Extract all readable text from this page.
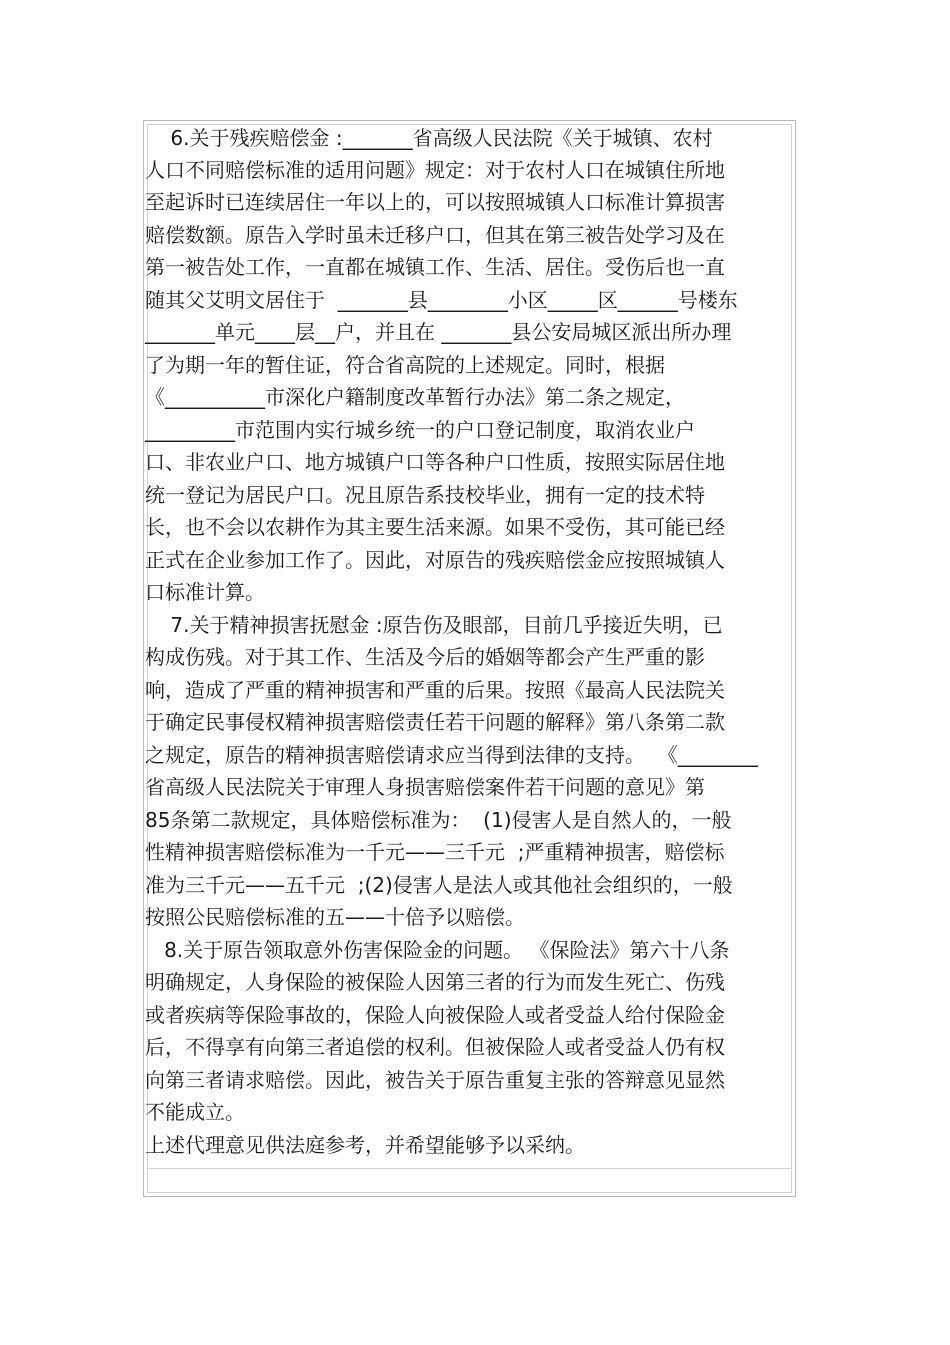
6.关于残疾赔偿金 :_______省高级人民法院《关于城镇、农村
人口不同赔偿标准的适用问题》规定：对于农村人口在城镇住所地
至起诉时已连续居住一年以上的，可以按照城镇人口标准计算损害
赔偿数额。原告入学时虽未迁移户口，但其在第三被告处学习及在
第一被告处工作，一直都在城镇工作、生活、居住。受伤后也一直
随其父艾明文居住于  _______县________小区_____区______号楼东
_______单元____层__户，并且在 _______县公安局城区派出所办理
了为期一年的暂住证，符合省高院的上述规定。同时，根据
《__________市深化户籍制度改革暂行办法》第二条之规定，
_________市范围内实行城乡统一的户口登记制度，取消农业户
口、非农业户口、地方城镇户口等各种户口性质，按照实际居住地
统一登记为居民户口。况且原告系技校毕业，拥有一定的技术特
长，也不会以农耕作为其主要生活来源。如果不受伤，其可能已经
正式在企业参加工作了。因此，对原告的残疾赔偿金应按照城镇人
口标准计算。
7.关于精神损害抚慰金 :原告伤及眼部，目前几乎接近失明，已
构成伤残。对于其工作、生活及今后的婚姻等都会产生严重的影
响，造成了严重的精神损害和严重的后果。按照《最高人民法院关
于确定民事侵权精神损害赔偿责任若干问题的解释》第八条第二款
之规定，原告的精神损害赔偿请求应当得到法律的支持。  《________
省高级人民法院关于审理人身损害赔偿案件若干问题的意见》第
85条第二款规定，具体赔偿标准为：  (1)侵害人是自然人的，一般
性精神损害赔偿标准为一千元——三千元  ;严重精神损害，赔偿标
准为三千元——五千元  ;(2)侵害人是法人或其他社会组织的，一般
按照公民赔偿标准的五——十倍予以赔偿。
8.关于原告领取意外伤害保险金的问题。 《保险法》第六十八条
明确规定，人身保险的被保险人因第三者的行为而发生死亡、伤残
或者疾病等保险事故的，保险人向被保险人或者受益人给付保险金
后，不得享有向第三者追偿的权利。但被保险人或者受益人仍有权
向第三者请求赔偿。因此，被告关于原告重复主张的答辩意见显然
不能成立。
上述代理意见供法庭参考，并希望能够予以采纳。
